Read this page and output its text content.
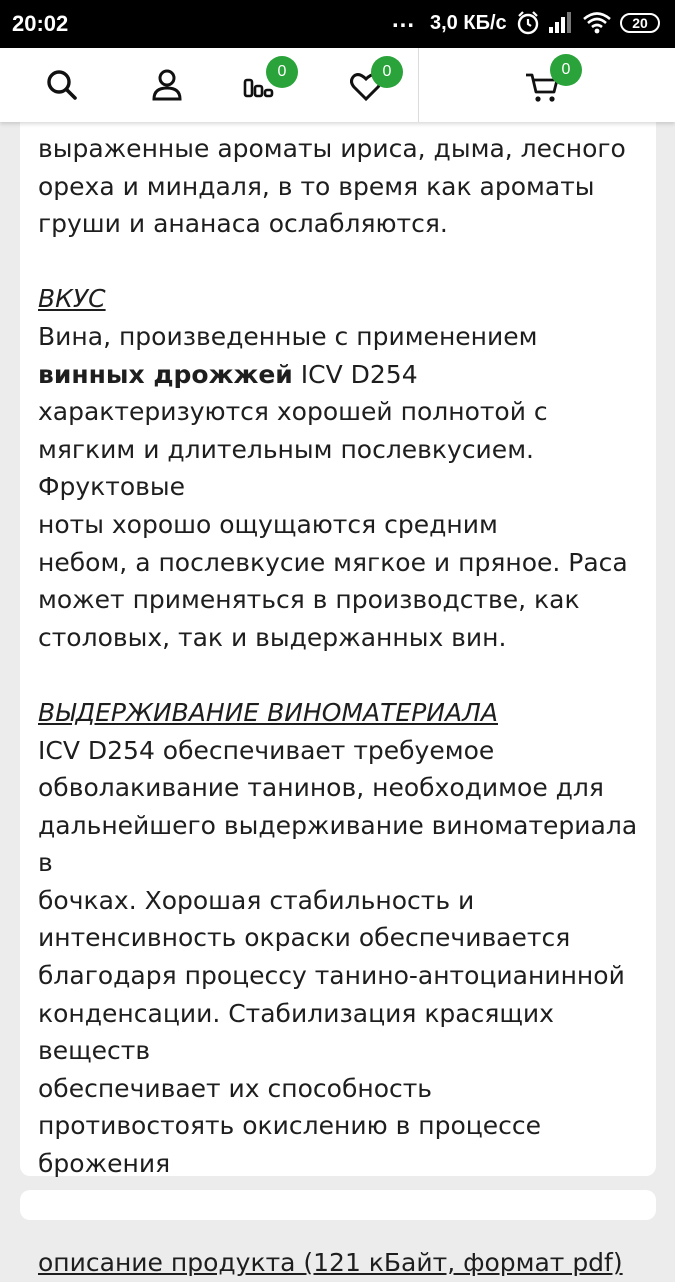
20:02	... 3,0 КБ/с	20
0	0	0

выраженные ароматы ириса, дыма, лесного

ореха и миндаля, в то время как ароматы

груши и ананаса ослабляются.

ВКУС

Вина, произведенные с применением винных дрожжей ICV D254 характеризуются хорошей полнотой с

мягким и длительным послевкусием. Фруктовые

ноты хорошо ощущаются средним

небом, а послевкусие мягкое и пряное. Раса

может применяться в производстве, как

столовых, так и выдержанных вин.

ВЫДЕРЖИВАНИЕ ВИНОМАТЕРИАЛА

ICV D254 обеспечивает требуемое

обволакивание танинов, необходимое для

дальнейшего выдерживание виноматериала в

бочках. Хорошая стабильность и

интенсивность окраски обеспечивается

благодаря процессу танино-антоцианинной

конденсации. Стабилизация красящих веществ

обеспечивает их способность

противостоять окислению в процессе брожения

описание продукта (121 кБайт, формат pdf)
